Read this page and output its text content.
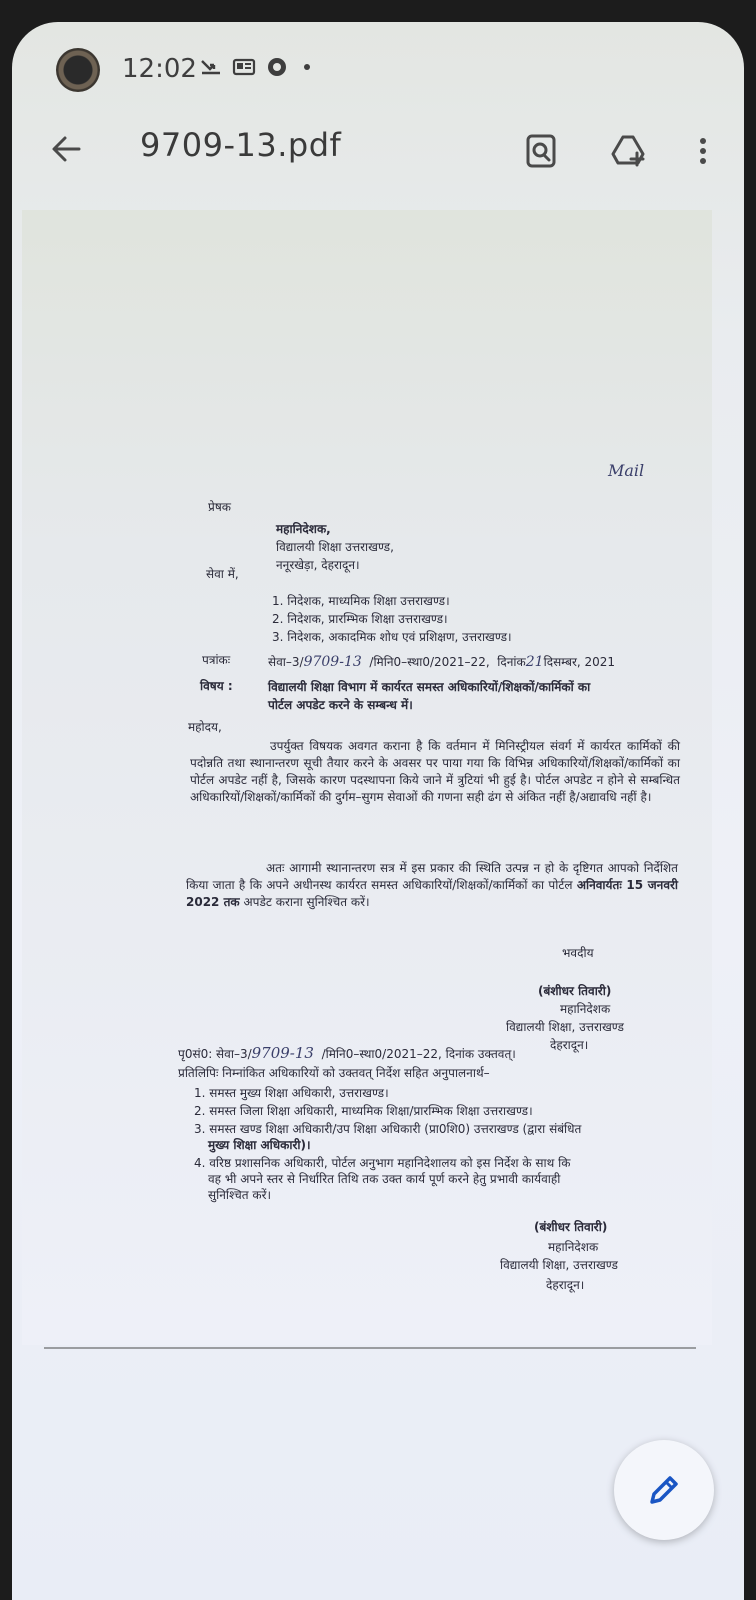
12:02
9709-13.pdf
Mail
प्रेषक
महानिदेशक,
विद्यालयी शिक्षा उत्तराखण्ड,
ननूरखेड़ा, देहरादून।
सेवा में,
1. निदेशक, माध्यमिक शिक्षा उत्तराखण्ड।
2. निदेशक, प्रारम्भिक शिक्षा उत्तराखण्ड।
3. निदेशक, अकादमिक शोध एवं प्रशिक्षण, उत्तराखण्ड।
पत्रांकः	सेवा–3/9709-13 /मिनि0–स्था0/2021–22, दिनांक21दिसम्बर, 2021
विषय :	विद्यालयी शिक्षा विभाग में कार्यरत समस्त अधिकारियों/शिक्षकों/कार्मिकों का
पोर्टल अपडेट करने के सम्बन्ध में।
महोदय,
उपर्युक्त विषयक अवगत कराना है कि वर्तमान में मिनिस्ट्रीयल संवर्ग में कार्यरत कार्मिकों की पदोन्नति तथा स्थानान्तरण सूची तैयार करने के अवसर पर पाया गया कि विभिन्न अधिकारियों/शिक्षकों/कार्मिकों का पोर्टल अपडेट नहीं है, जिसके कारण पदस्थापना किये जाने में त्रुटियां भी हुई है। पोर्टल अपडेट न होने से सम्बन्धित अधिकारियों/शिक्षकों/कार्मिकों की दुर्गम–सुगम सेवाओं की गणना सही ढंग से अंकित नहीं है/अद्यावधि नहीं है।
अतः आगामी स्थानान्तरण सत्र में इस प्रकार की स्थिति उत्पन्न न हो के दृष्टिगत आपको निर्देशित किया जाता है कि अपने अधीनस्थ कार्यरत समस्त अधिकारियों/शिक्षकों/कार्मिकों का पोर्टल अनिवार्यतः 15 जनवरी 2022 तक अपडेट कराना सुनिश्चित करें।
भवदीय
(बंशीधर तिवारी)
महानिदेशक
विद्यालयी शिक्षा, उत्तराखण्ड
देहरादून।
पृ0सं0: सेवा–3/9709-13 /मिनि0–स्था0/2021–22, दिनांक उक्तवत्।
प्रतिलिपिः निम्नांकित अधिकारियों को उक्तवत् निर्देश सहित अनुपालनार्थ–
1. समस्त मुख्य शिक्षा अधिकारी, उत्तराखण्ड।
2. समस्त जिला शिक्षा अधिकारी, माध्यमिक शिक्षा/प्रारम्भिक शिक्षा उत्तराखण्ड।
3. समस्त खण्ड शिक्षा अधिकारी/उप शिक्षा अधिकारी (प्रा0शि0) उत्तराखण्ड (द्वारा संबंधित
मुख्य शिक्षा अधिकारी)।
4. वरिष्ठ प्रशासनिक अधिकारी, पोर्टल अनुभाग महानिदेशालय को इस निर्देश के साथ कि
वह भी अपने स्तर से निर्धारित तिथि तक उक्त कार्य पूर्ण करने हेतु प्रभावी कार्यवाही
सुनिश्चित करें।
(बंशीधर तिवारी)
महानिदेशक
विद्यालयी शिक्षा, उत्तराखण्ड
देहरादून।
